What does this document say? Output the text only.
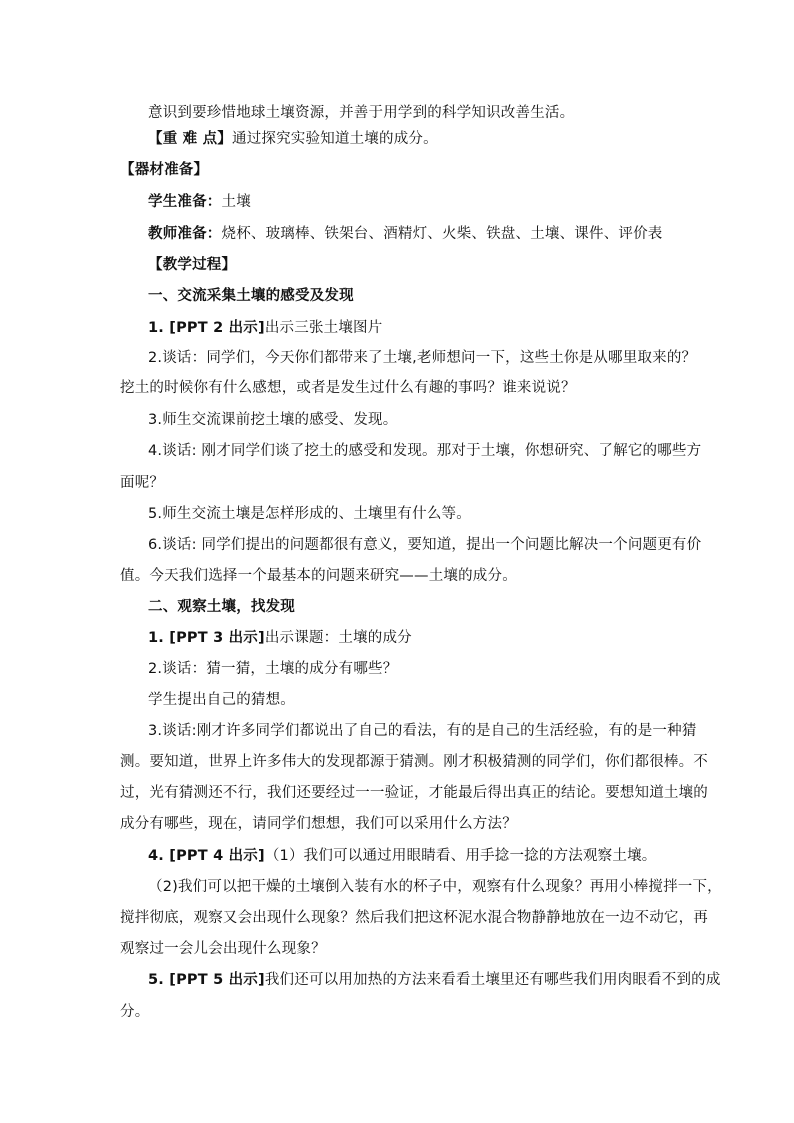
意识到要珍惜地球土壤资源，并善于用学到的科学知识改善生活。
【重 难 点】通过探究实验知道土壤的成分。
【器材准备】
学生准备：土壤
教师准备：烧杯、玻璃棒、铁架台、酒精灯、火柴、铁盘、土壤、课件、评价表
【教学过程】
一、交流采集土壤的感受及发现
1. [PPT 2 出示]出示三张土壤图片
2.谈话：同学们，今天你们都带来了土壤,老师想问一下，这些土你是从哪里取来的？
挖土的时候你有什么感想，或者是发生过什么有趣的事吗？谁来说说？
3.师生交流课前挖土壤的感受、发现。
4.谈话: 刚才同学们谈了挖土的感受和发现。那对于土壤，你想研究、了解它的哪些方
面呢？
5.师生交流土壤是怎样形成的、土壤里有什么等。
6.谈话: 同学们提出的问题都很有意义，要知道，提出一个问题比解决一个问题更有价
值。今天我们选择一个最基本的问题来研究——土壤的成分。
二、观察土壤，找发现
1. [PPT 3 出示]出示课题：土壤的成分
2.谈话：猜一猜，土壤的成分有哪些？
学生提出自己的猜想。
3.谈话:刚才许多同学们都说出了自己的看法，有的是自己的生活经验，有的是一种猜
测。要知道，世界上许多伟大的发现都源于猜测。刚才积极猜测的同学们，你们都很棒。不
过，光有猜测还不行，我们还要经过一一验证，才能最后得出真正的结论。要想知道土壤的
成分有哪些，现在，请同学们想想，我们可以采用什么方法？
4. [PPT 4 出示]（1）我们可以通过用眼睛看、用手捻一捻的方法观察土壤。
（2)我们可以把干燥的土壤倒入装有水的杯子中，观察有什么现象？再用小棒搅拌一下，
搅拌彻底，观察又会出现什么现象？然后我们把这杯泥水混合物静静地放在一边不动它，再
观察过一会儿会出现什么现象？
5. [PPT 5 出示]我们还可以用加热的方法来看看土壤里还有哪些我们用肉眼看不到的成
分。
